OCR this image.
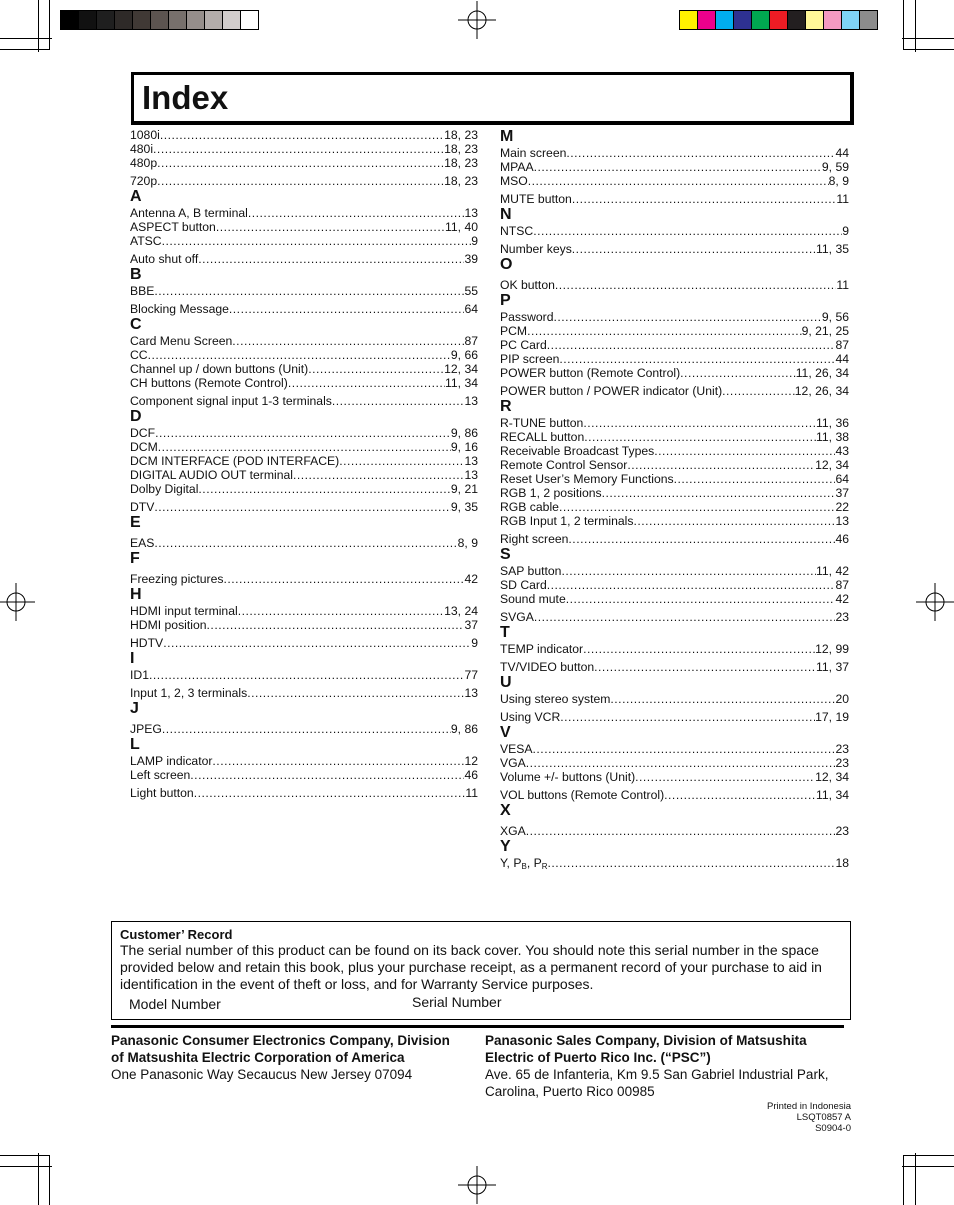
Index
1080i .....	18, 23
480i .....	18, 23
480p .....	18, 23
720p .....	18, 23
A
Antenna A, B terminal .....	13
ASPECT button .....	11, 40
ATSC .....	9
Auto shut off .....	39
B
BBE .....	55
Blocking Message .....	64
C
Card Menu Screen .....	87
CC .....	9, 66
Channel up / down buttons (Unit) .....	12, 34
CH buttons (Remote Control) .....	11, 34
Component signal input 1-3 terminals .....	13
D
DCF .....	9, 86
DCM .....	9, 16
DCM INTERFACE (POD INTERFACE) .....	13
DIGITAL AUDIO OUT terminal .....	13
Dolby Digital .....	9, 21
DTV .....	9, 35
E
EAS .....	8, 9
F
Freezing pictures .....	42
H
HDMI input terminal .....	13, 24
HDMI position .....	37
HDTV .....	9
I
ID1 .....	77
Input 1, 2, 3 terminals .....	13
J
JPEG .....	9, 86
L
LAMP indicator .....	12
Left screen .....	46
Light button .....	11
M
Main screen .....	44
MPAA .....	9, 59
MSO .....	8, 9
MUTE button .....	11
N
NTSC .....	9
Number keys .....	11, 35
O
OK button .....	11
P
Password .....	9, 56
PCM .....	9, 21, 25
PC Card .....	87
PIP screen .....	44
POWER button (Remote Control) .....	11, 26, 34
POWER button / POWER indicator (Unit) .....	12, 26, 34
R
R-TUNE button .....	11, 36
RECALL button .....	11, 38
Receivable Broadcast Types .....	43
Remote Control Sensor .....	12, 34
Reset User’s Memory Functions .....	64
RGB 1, 2 positions .....	37
RGB cable .....	22
RGB Input 1, 2 terminals .....	13
Right screen .....	46
S
SAP button .....	11, 42
SD Card .....	87
Sound mute .....	42
SVGA .....	23
T
TEMP indicator .....	12, 99
TV/VIDEO button .....	11, 37
U
Using stereo system .....	20
Using VCR .....	17, 19
V
VESA .....	23
VGA .....	23
Volume +/- buttons (Unit) .....	12, 34
VOL buttons (Remote Control) .....	11, 34
X
XGA .....	23
Y
Y, $P_B$, $P_R$ .....	18
Customer’ Record
The serial number of this product can be found on its back cover. You should note this serial number in the space provided below and retain this book, plus your purchase receipt, as a permanent record of your purchase to aid in identification in the event of theft or loss, and for Warranty Service purposes.
Model Number	Serial Number
Panasonic Consumer Electronics Company, Division
of Matsushita Electric Corporation of America
One Panasonic Way Secaucus New Jersey 07094
Panasonic Sales Company, Division of Matsushita
Electric of Puerto Rico Inc. (“PSC”)
Ave. 65 de Infanteria, Km 9.5 San Gabriel Industrial Park,
Carolina, Puerto Rico 00985
Printed in Indonesia
LSQT0857 A
S0904-0
